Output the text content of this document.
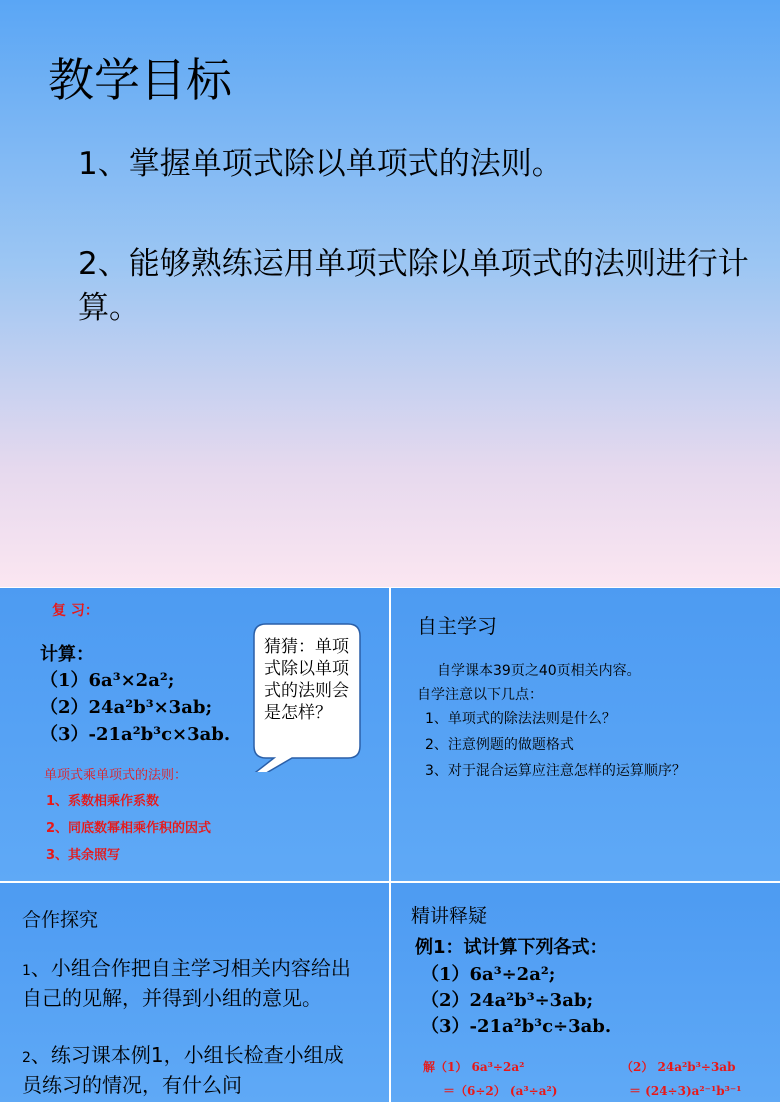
教学目标
1、掌握单项式除以单项式的法则。
2、能够熟练运用单项式除以单项式的法则进行计算。
复 习：
计算：
（1）6a³×2a²;
（2）24a²b³×3ab;
（3）-21a²b³c×3ab.
单项式乘单项式的法则：
1、系数相乘作系数
2、同底数幂相乘作积的因式
3、其余照写
猜猜：单项式除以单项式的法则会是怎样？
自主学习
自学课本39页之40页相关内容。
自学注意以下几点：
1、单项式的除法法则是什么？
2、注意例题的做题格式
3、对于混合运算应注意怎样的运算顺序？
合作探究
1、小组合作把自主学习相关内容给出自己的见解，并得到小组的意见。
2、练习课本例1，小组长检查小组成员练习的情况，有什么问
精讲释疑
例1：试计算下列各式：
（1）6a³÷2a²;
（2）24a²b³÷3ab;
（3）-21a²b³c÷3ab.
解（1） 6a³÷2a²
＝（6÷2） (a³÷a²)
（2） 24a²b³÷3ab
＝ (24÷3)a²⁻¹b³⁻¹
